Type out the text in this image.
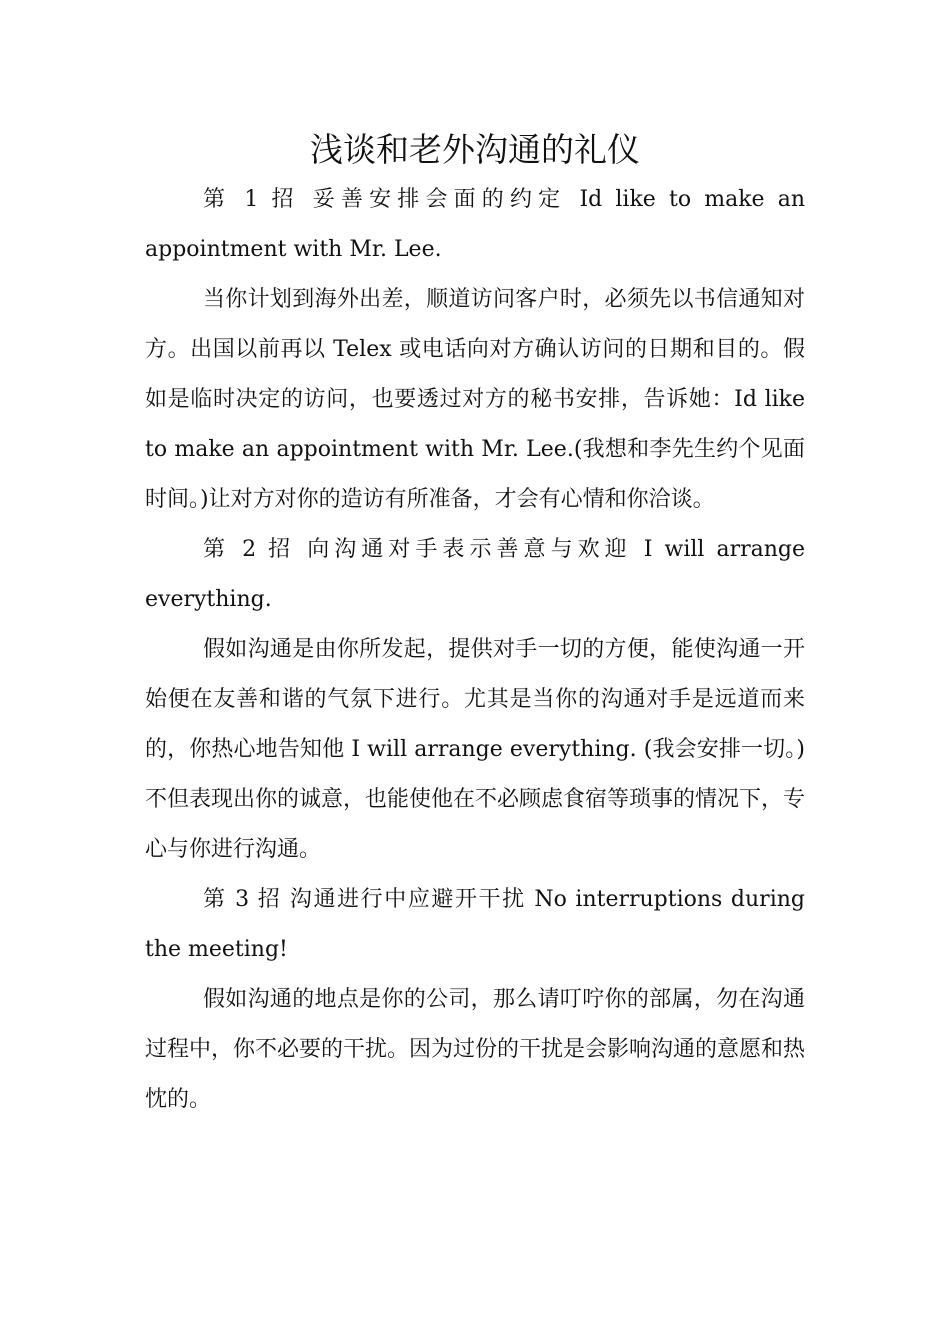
浅谈和老外沟通的礼仪

第 1 招 妥善安排会面的约定 Id like to make an appointment with Mr. Lee.

当你计划到海外出差，顺道访问客户时，必须先以书信通知对方。出国以前再以 Telex 或电话向对方确认访问的日期和目的。假如是临时决定的访问，也要透过对方的秘书安排，告诉她：Id like to make an appointment with Mr. Lee.(我想和李先生约个见面时间。)让对方对你的造访有所准备，才会有心情和你洽谈。

第 2 招 向沟通对手表示善意与欢迎 I will arrange everything.

假如沟通是由你所发起，提供对手一切的方便，能使沟通一开始便在友善和谐的气氛下进行。尤其是当你的沟通对手是远道而来的，你热心地告知他 I will arrange everything. (我会安排一切。)不但表现出你的诚意，也能使他在不必顾虑食宿等琐事的情况下，专心与你进行沟通。

第 3 招 沟通进行中应避开干扰 No interruptions during the meeting!

假如沟通的地点是你的公司，那么请叮咛你的部属，勿在沟通过程中，你不必要的干扰。因为过份的干扰是会影响沟通的意愿和热忱的。
